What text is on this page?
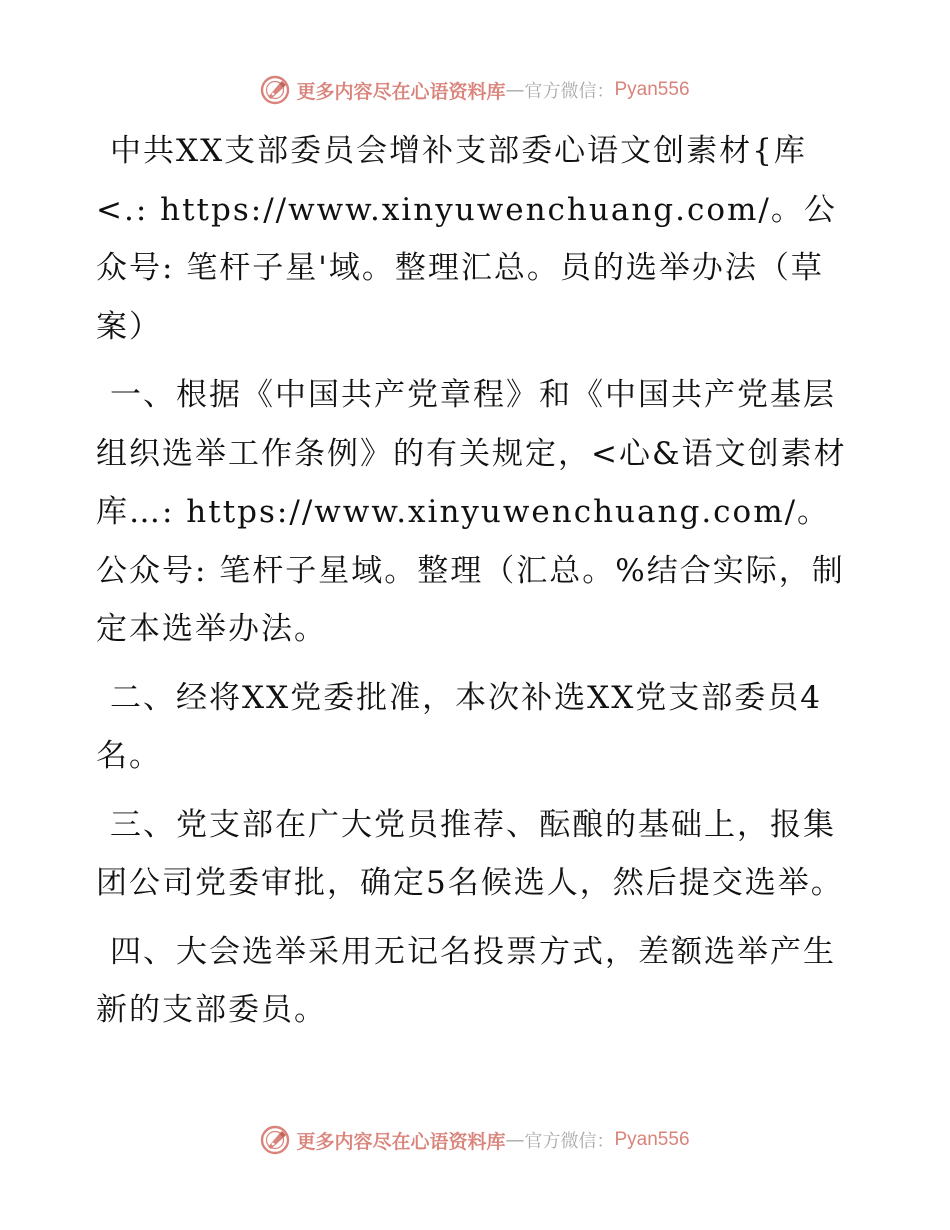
更多内容尽在心语资料库 — 官方微信： Pyan556

中共XX支部委员会增补支部委心语文创素材{库<.: https://www.xinyuwenchuang.com/。公众号: 笔杆子星'域。整理汇总。员的选举办法（草案）

一、根据《中国共产党章程》和《中国共产党基层组织选举工作条例》的有关规定，<心&语文创素材库…: https://www.xinyuwenchuang.com/。公众号: 笔杆子星域。整理（汇总。%结合实际，制定本选举办法。

二、经将XX党委批准，本次补选XX党支部委员4名。

三、党支部在广大党员推荐、酝酿的基础上，报集团公司党委审批，确定5名候选人，然后提交选举。

四、大会选举采用无记名投票方式，差额选举产生新的支部委员。

更多内容尽在心语资料库 — 官方微信： Pyan556
